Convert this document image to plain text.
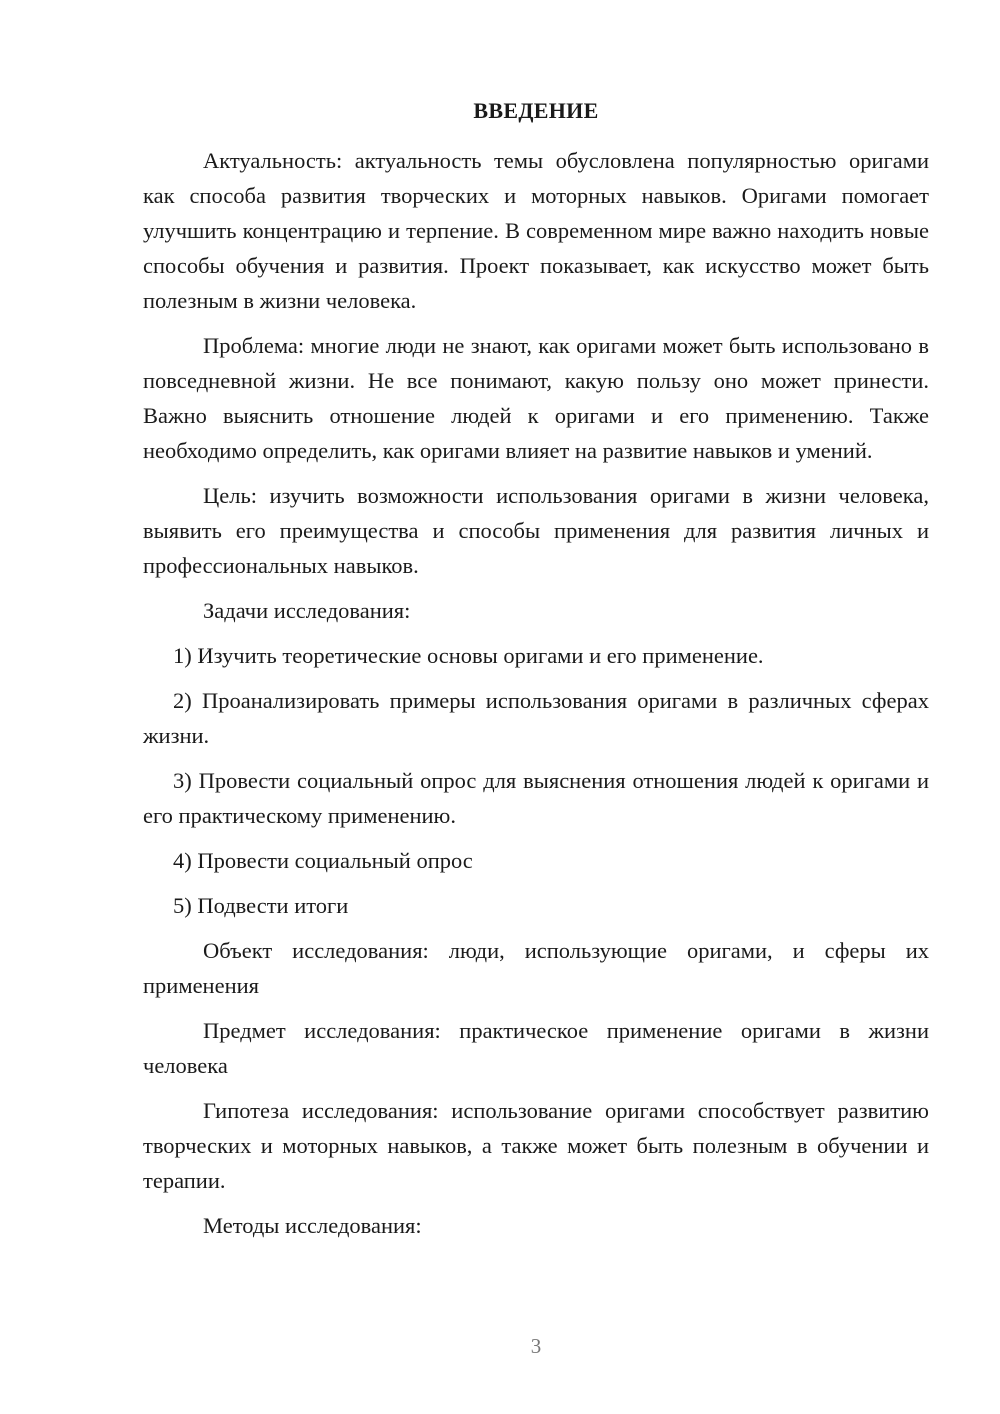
ВВЕДЕНИЕ

Актуальность: актуальность темы обусловлена популярностью оригами как способа развития творческих и моторных навыков. Оригами помогает улучшить концентрацию и терпение. В современном мире важно находить новые способы обучения и развития. Проект показывает, как искусство может быть полезным в жизни человека.

Проблема: многие люди не знают, как оригами может быть использовано в повседневной жизни. Не все понимают, какую пользу оно может принести. Важно выяснить отношение людей к оригами и его применению. Также необходимо определить, как оригами влияет на развитие навыков и умений.

Цель: изучить возможности использования оригами в жизни человека, выявить его преимущества и способы применения для развития личных и профессиональных навыков.

Задачи исследования:

1) Изучить теоретические основы оригами и его применение.

2) Проанализировать примеры использования оригами в различных сферах жизни.

3) Провести социальный опрос для выяснения отношения людей к оригами и его практическому применению.

4) Провести социальный опрос

5) Подвести итоги

Объект исследования: люди, использующие оригами, и сферы их применения

Предмет исследования: практическое применение оригами в жизни человека

Гипотеза исследования: использование оригами способствует развитию творческих и моторных навыков, а также может быть полезным в обучении и терапии.

Методы исследования:

3
